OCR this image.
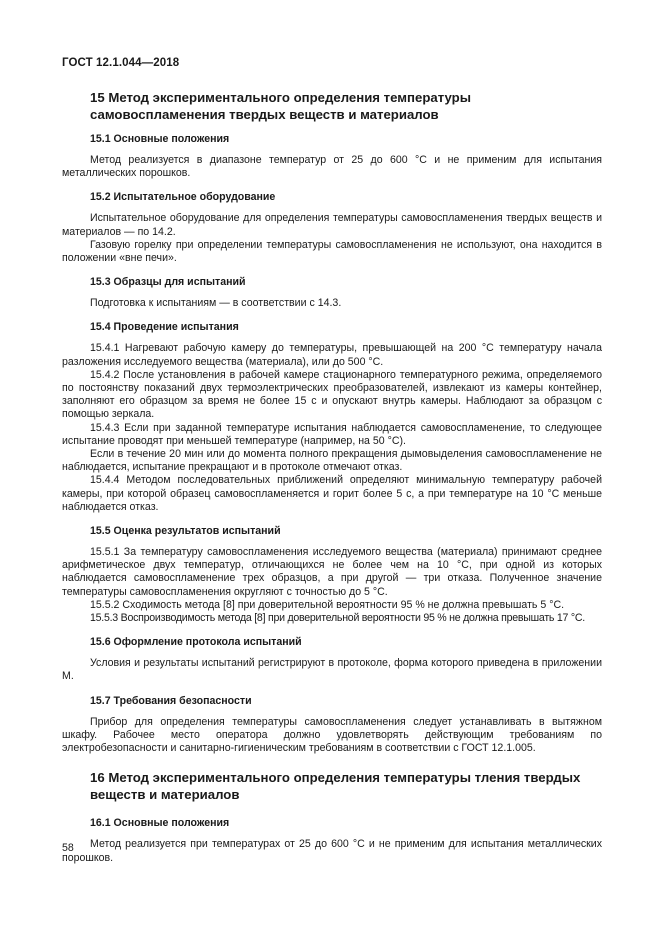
ГОСТ 12.1.044—2018
15 Метод экспериментального определения температуры самовоспламенения твердых веществ и материалов
15.1 Основные положения

Метод реализуется в диапазоне температур от 25 до 600 °С и не применим для испытания металлических порошков.

15.2 Испытательное оборудование

Испытательное оборудование для определения температуры самовоспламенения твердых веществ и материалов — по 14.2.

Газовую горелку при определении температуры самовоспламенения не используют, она находится в положении «вне печи».

15.3 Образцы для испытаний

Подготовка к испытаниям — в соответствии с 14.3.

15.4 Проведение испытания

15.4.1 Нагревают рабочую камеру до температуры, превышающей на 200 °С температуру начала разложения исследуемого вещества (материала), или до 500 °С.

15.4.2 После установления в рабочей камере стационарного температурного режима, определяемого по постоянству показаний двух термоэлектрических преобразователей, извлекают из камеры контейнер, заполняют его образцом за время не более 15 с и опускают внутрь камеры. Наблюдают за образцом с помощью зеркала.

15.4.3 Если при заданной температуре испытания наблюдается самовоспламенение, то следующее испытание проводят при меньшей температуре (например, на 50 °С).

Если в течение 20 мин или до момента полного прекращения дымовыделения самовоспламенение не наблюдается, испытание прекращают и в протоколе отмечают отказ.

15.4.4 Методом последовательных приближений определяют минимальную температуру рабочей камеры, при которой образец самовоспламеняется и горит более 5 с, а при температуре на 10 °С меньше наблюдается отказ.

15.5 Оценка результатов испытаний

15.5.1 За температуру самовоспламенения исследуемого вещества (материала) принимают среднее арифметическое двух температур, отличающихся не более чем на 10 °С, при одной из которых наблюдается самовоспламенение трех образцов, а при другой — три отказа. Полученное значение температуры самовоспламенения округляют с точностью до 5 °С.

15.5.2 Сходимость метода [8] при доверительной вероятности 95 % не должна превышать 5 °С.

15.5.3 Воспроизводимость метода [8] при доверительной вероятности 95 % не должна превышать 17 °С.

15.6 Оформление протокола испытаний

Условия и результаты испытаний регистрируют в протоколе, форма которого приведена в приложении М.

15.7 Требования безопасности

Прибор для определения температуры самовоспламенения следует устанавливать в вытяжном шкафу. Рабочее место оператора должно удовлетворять действующим требованиям по электробезопасности и санитарно-гигиеническим требованиям в соответствии с ГОСТ 12.1.005.

16 Метод экспериментального определения температуры тления твердых веществ и материалов
16.1 Основные положения

Метод реализуется при температурах от 25 до 600 °С и не применим для испытания металлических порошков.

58
